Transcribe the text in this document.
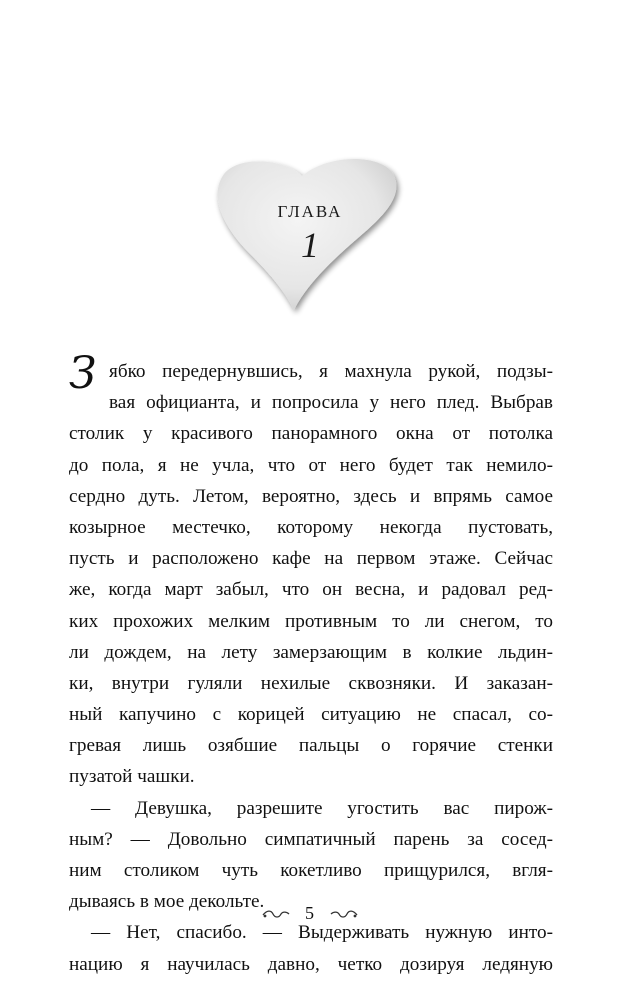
ГЛАВА
1
Зябко передернувшись, я махнула рукой, подзы-
вая официанта, и попросила у него плед. Выбрав
столик у красивого панорамного окна от потолка
до пола, я не учла, что от него будет так немило-
сердно дуть. Летом, вероятно, здесь и впрямь самое
козырное местечко, которому некогда пустовать,
пусть и расположено кафе на первом этаже. Сейчас
же, когда март забыл, что он весна, и радовал ред-
ких прохожих мелким противным то ли снегом, то
ли дождем, на лету замерзающим в колкие льдин-
ки, внутри гуляли нехилые сквозняки. И заказан-
ный капучино с корицей ситуацию не спасал, со-
гревая лишь озябшие пальцы о горячие стенки
пузатой чашки.
— Девушка, разрешите угостить вас пирож-
ным? — Довольно симпатичный парень за сосед-
ним столиком чуть кокетливо прищурился, вгля-
дываясь в мое декольте.
— Нет, спасибо. — Выдерживать нужную инто-
нацию я научилась давно, четко дозируя ледяную
5
